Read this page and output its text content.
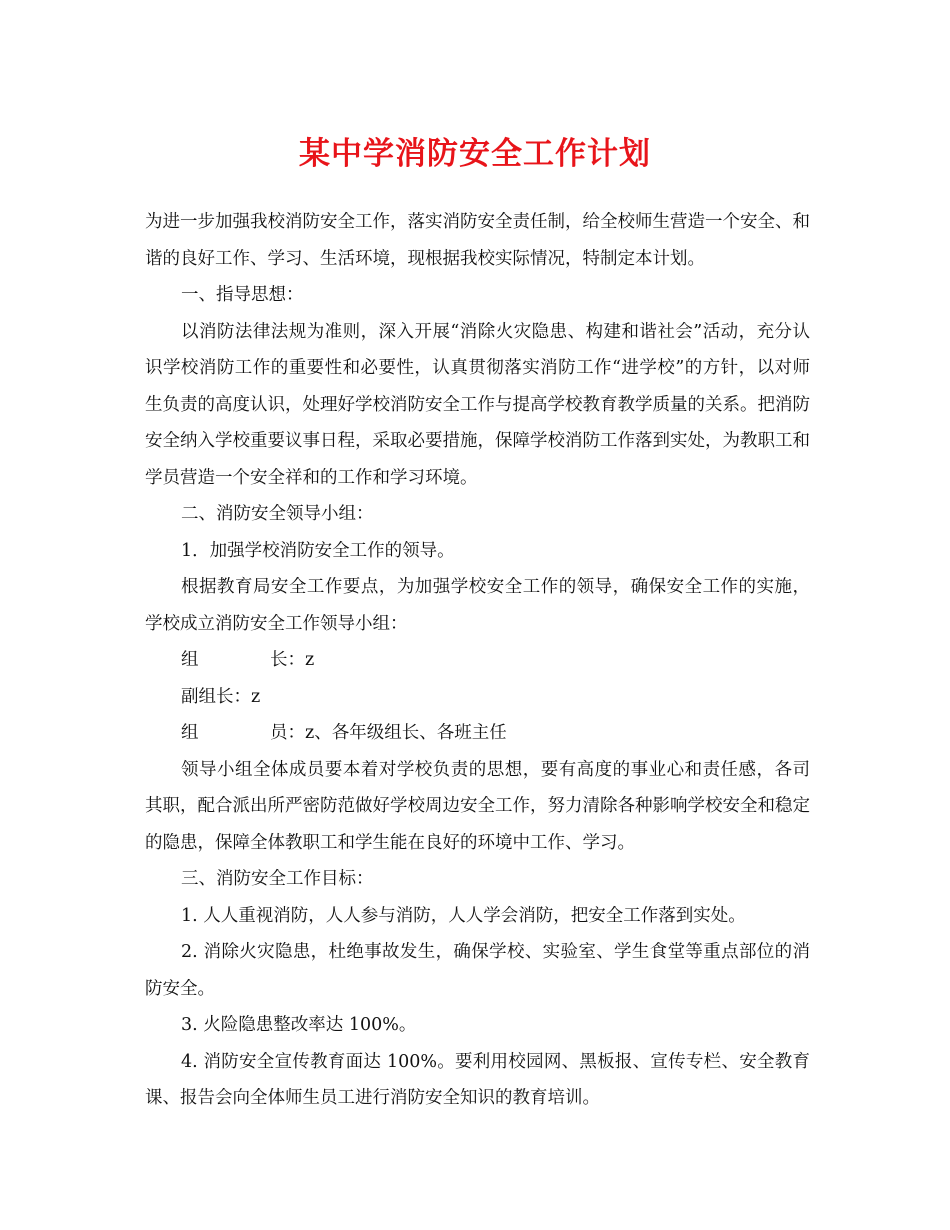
某中学消防安全工作计划

为进一步加强我校消防安全工作，落实消防安全责任制，给全校师生营造一个安全、和谐的良好工作、学习、生活环境，现根据我校实际情况，特制定本计划。

一、指导思想：

以消防法律法规为准则，深入开展“消除火灾隐患、构建和谐社会”活动，充分认识学校消防工作的重要性和必要性，认真贯彻落实消防工作“进学校”的方针，以对师生负责的高度认识，处理好学校消防安全工作与提高学校教育教学质量的关系。把消防安全纳入学校重要议事日程，采取必要措施，保障学校消防工作落到实处，为教职工和学员营造一个安全祥和的工作和学习环境。

二、消防安全领导小组：

1．加强学校消防安全工作的领导。

根据教育局安全工作要点，为加强学校安全工作的领导，确保安全工作的实施，学校成立消防安全工作领导小组：

组	长：z

副组长：z

组	员：z、各年级组长、各班主任

领导小组全体成员要本着对学校负责的思想，要有高度的事业心和责任感，各司其职，配合派出所严密防范做好学校周边安全工作，努力清除各种影响学校安全和稳定的隐患，保障全体教职工和学生能在良好的环境中工作、学习。

三、消防安全工作目标：

1. 人人重视消防，人人参与消防，人人学会消防，把安全工作落到实处。

2. 消除火灾隐患，杜绝事故发生，确保学校、实验室、学生食堂等重点部位的消防安全。

3. 火险隐患整改率达 100%。

4. 消防安全宣传教育面达 100%。要利用校园网、黑板报、宣传专栏、安全教育课、报告会向全体师生员工进行消防安全知识的教育培训。
